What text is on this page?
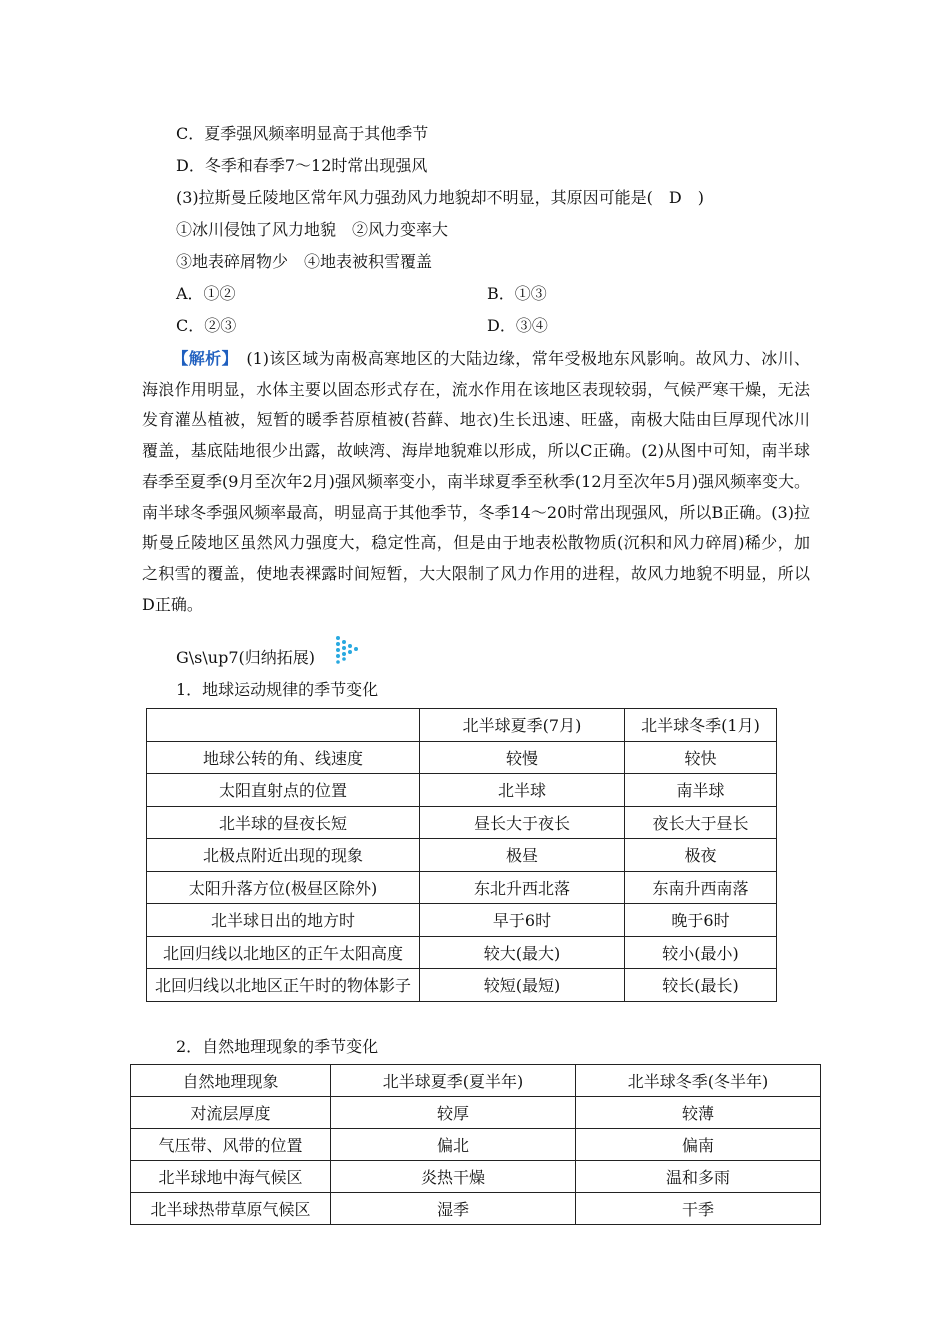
C．夏季强风频率明显高于其他季节
D．冬季和春季7～12时常出现强风
(3)拉斯曼丘陵地区常年风力强劲风力地貌却不明显，其原因可能是(　D　)
①冰川侵蚀了风力地貌　②风力变率大
③地表碎屑物少　④地表被积雪覆盖
A．①②	B．①③
C．②③	D．③④
【解析】　(1)该区域为南极高寒地区的大陆边缘，常年受极地东风影响。故风力、冰川、海浪作用明显，水体主要以固态形式存在，流水作用在该地区表现较弱，气候严寒干燥，无法发育灌丛植被，短暂的暖季苔原植被(苔藓、地衣)生长迅速、旺盛，南极大陆由巨厚现代冰川覆盖，基底陆地很少出露，故峡湾、海岸地貌难以形成，所以C正确。(2)从图中可知，南半球春季至夏季(9月至次年2月)强风频率变小，南半球夏季至秋季(12月至次年5月)强风频率变大。南半球冬季强风频率最高，明显高于其他季节，冬季14～20时常出现强风，所以B正确。(3)拉斯曼丘陵地区虽然风力强度大，稳定性高，但是由于地表松散物质(沉积和风力碎屑)稀少，加之积雪的覆盖，使地表裸露时间短暂，大大限制了风力作用的进程，故风力地貌不明显，所以D正确。
G\s\up7(归纳拓展)
1．地球运动规律的季节变化
	北半球夏季(7月)	北半球冬季(1月)
地球公转的角、线速度	较慢	较快
太阳直射点的位置	北半球	南半球
北半球的昼夜长短	昼长大于夜长	夜长大于昼长
北极点附近出现的现象	极昼	极夜
太阳升落方位(极昼区除外)	东北升西北落	东南升西南落
北半球日出的地方时	早于6时	晚于6时
北回归线以北地区的正午太阳高度	较大(最大)	较小(最小)
北回归线以北地区正午时的物体影子	较短(最短)	较长(最长)
2．自然地理现象的季节变化
自然地理现象	北半球夏季(夏半年)	北半球冬季(冬半年)
对流层厚度	较厚	较薄
气压带、风带的位置	偏北	偏南
北半球地中海气候区	炎热干燥	温和多雨
北半球热带草原气候区	湿季	干季
